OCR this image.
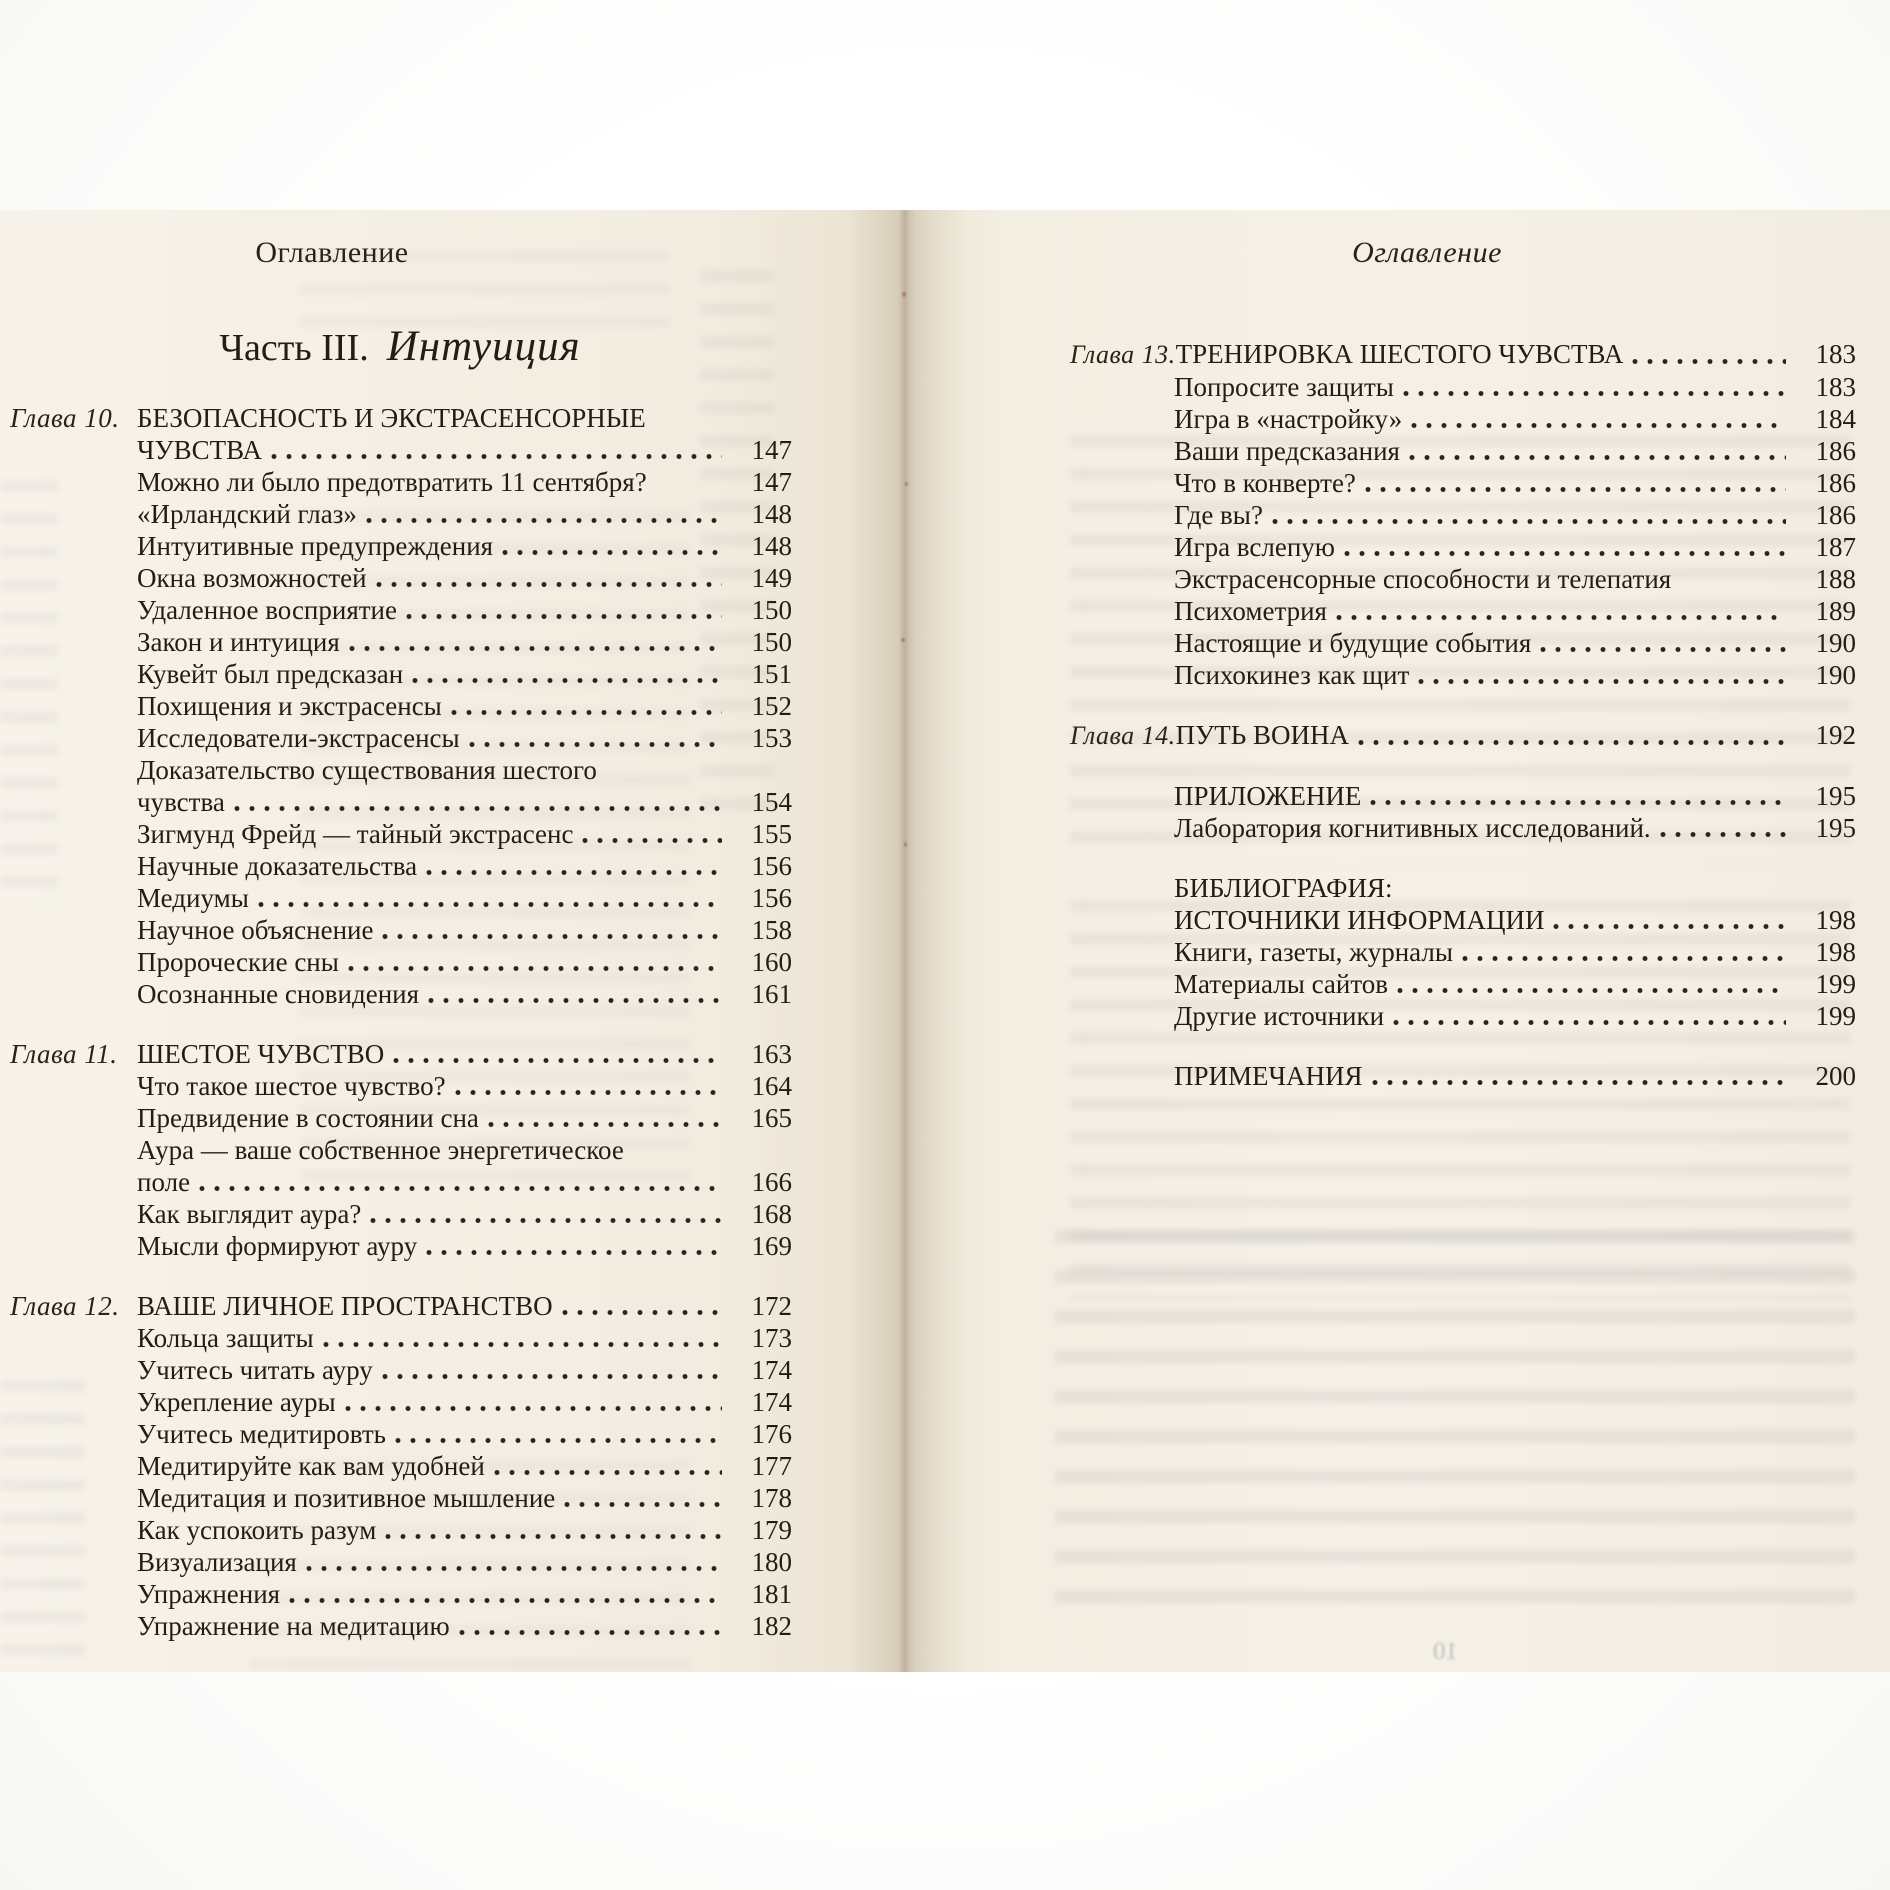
Оглавление
Часть III. Интуиция
Глава 10. БЕЗОПАСНОСТЬ И ЭКСТРАСЕНСОРНЫЕ
ЧУВСТВА	147
Можно ли было предотвратить 11 сентября?	147
«Ирландский глаз»	148
Интуитивные предупреждения	148
Окна возможностей	149
Удаленное восприятие	150
Закон и интуиция	150
Кувейт был предсказан	151
Похищения и экстрасенсы	152
Исследователи-экстрасенсы	153
Доказательство существования шестого
чувства	154
Зигмунд Фрейд — тайный экстрасенс	155
Научные доказательства	156
Медиумы	156
Научное объяснение	158
Пророческие сны	160
Осознанные сновидения	161
Глава 11. ШЕСТОЕ ЧУВСТВО	163
Что такое шестое чувство?	164
Предвидение в состоянии сна	165
Аура — ваше собственное энергетическое
поле	166
Как выглядит аура?	168
Мысли формируют ауру	169
Глава 12. ВАШЕ ЛИЧНОЕ ПРОСТРАНСТВО	172
Кольца защиты	173
Учитесь читать ауру	174
Укрепление ауры	174
Учитесь медитировть	176
Медитируйте как вам удобней	177
Медитация и позитивное мышление	178
Как успокоить разум	179
Визуализация	180
Упражнения	181
Упражнение на медитацию	182
Оглавление
Глава 13. ТРЕНИРОВКА ШЕСТОГО ЧУВСТВА	183
Попросите защиты	183
Игра в «настройку»	184
Ваши предсказания	186
Что в конверте?	186
Где вы?	186
Игра вслепую	187
Экстрасенсорные способности и телепатия	188
Психометрия	189
Настоящие и будущие события	190
Психокинез как щит	190
Глава 14. ПУТЬ ВОИНА	192
ПРИЛОЖЕНИЕ	195
Лаборатория когнитивных исследований.	195
БИБЛИОГРАФИЯ:
ИСТОЧНИКИ ИНФОРМАЦИИ	198
Книги, газеты, журналы	198
Материалы сайтов	199
Другие источники	199
ПРИМЕЧАНИЯ	200
10
